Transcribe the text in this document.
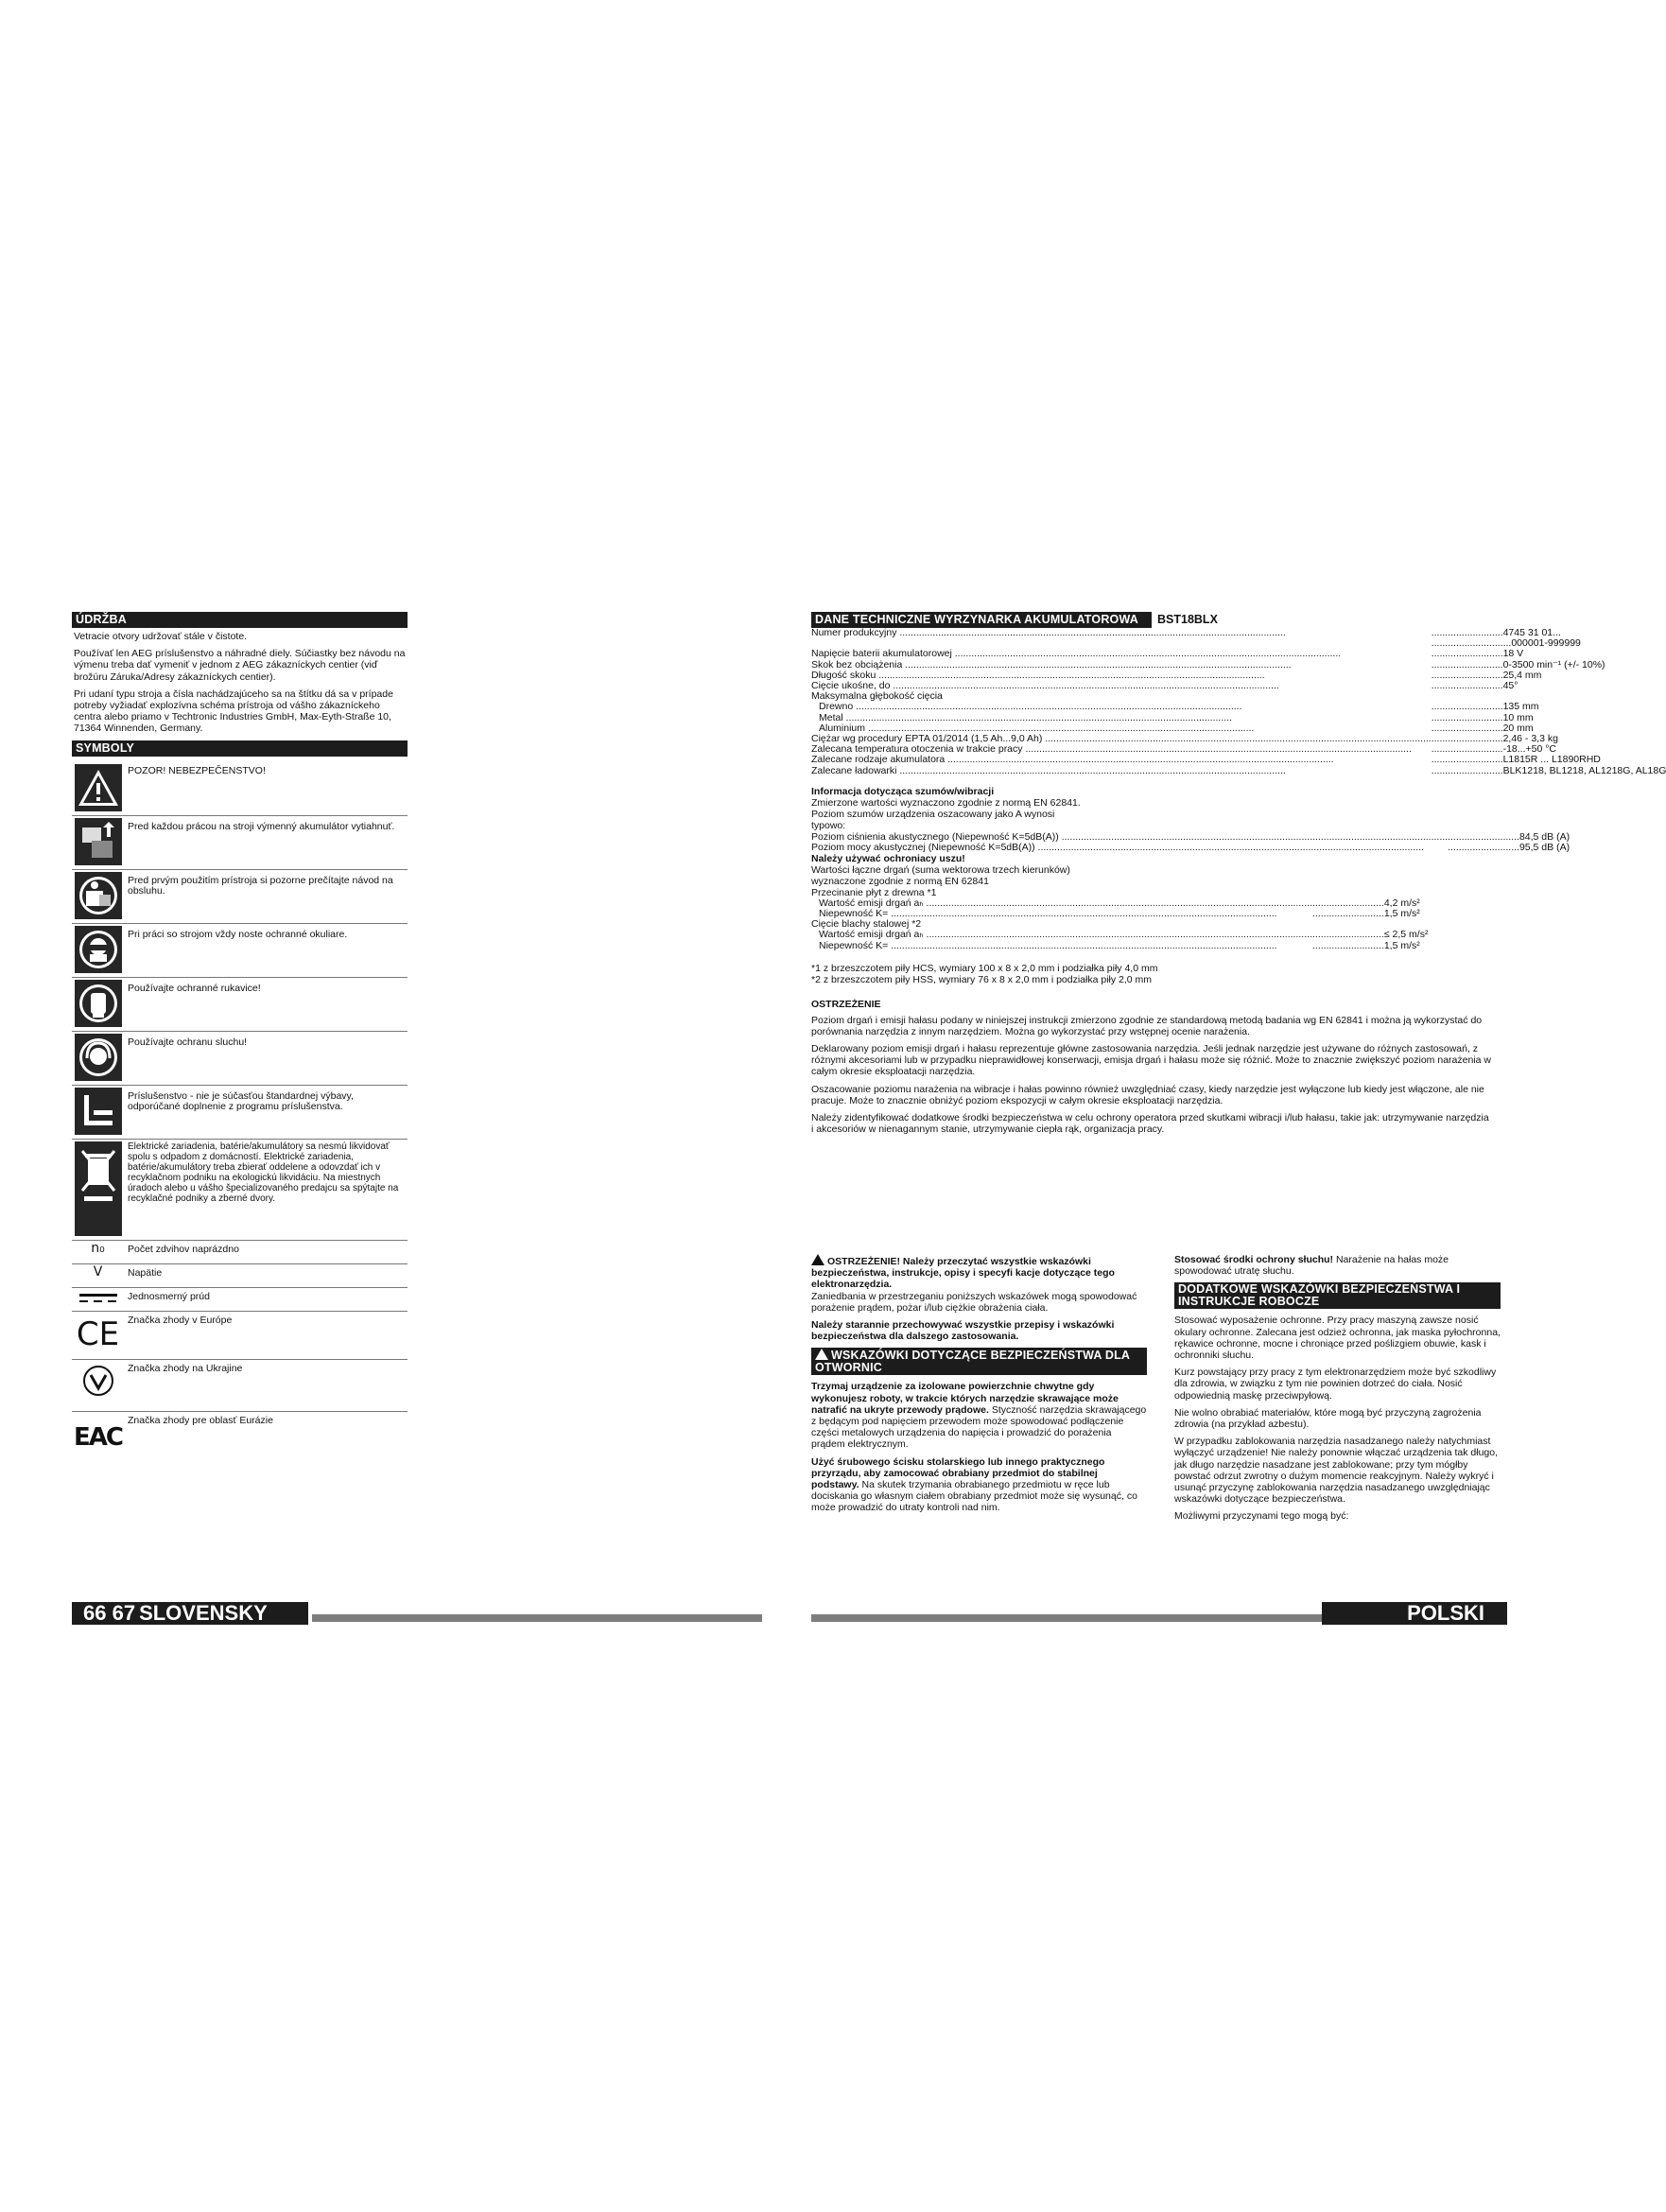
ÚDRŽBA

Vetracie otvory udržovať stále v čistote.

Používať len AEG príslušenstvo a náhradné diely. Súčiastky bez návodu na výmenu treba dať vymeniť v jednom z AEG zákazníckych centier (viď brožúru Záruka/Adresy zákazníckych centier).

Pri udaní typu stroja a čísla nachádzajúceho sa na štítku dá sa v prípade potreby vyžiadať explozívna schéma prístroja od vášho zákazníckeho centra alebo priamo v Techtronic Industries GmbH, Max-Eyth-Straße 10, 71364 Winnenden, Germany.

SYMBOLY
POZOR! NEBEZPEČENSTVO!
Pred každou prácou na stroji výmenný akumulátor vytiahnuť.
Pred prvým použitím prístroja si pozorne prečítajte návod na obsluhu.
Pri práci so strojom vždy noste ochranné okuliare.
Používajte ochranné rukavice!
Používajte ochranu sluchu!
Príslušenstvo - nie je súčasťou štandardnej výbavy, odporúčané doplnenie z programu príslušenstva.
Elektrické zariadenia, batérie/akumulátory sa nesmú likvidovať spolu s odpadom z domácností. Elektrické zariadenia, batérie/akumulátory treba zbierať oddelene a odovzdať ich v recyklačnom podniku na ekologickú likvidáciu. Na miestnych úradoch alebo u vášho špecializovaného predajcu sa spýtajte na recyklačné podniky a zberné dvory.
n₀	Počet zdvihov naprázdno
V	Napätie
Jednosmerný prúd
CE Značka zhody v Európe
Značka zhody na Ukrajine
EAC
Značka zhody pre oblasť Eurázie
66 67 SLOVENSKY
DANE TECHNICZNE WYRZYNARKA AKUMULATOROWA	BST18BLX
Numer produkcyjny ............................................................................................................................................	..........................4745 31 01...
	.............................000001-999999
Napięcie baterii akumulatorowej ............................................................................................................................................	..........................18 V
Skok bez obciążenia ............................................................................................................................................	..........................0-3500 min⁻¹ (+/- 10%)
Długość skoku ............................................................................................................................................	..........................25,4 mm
Cięcie ukośne, do ............................................................................................................................................	..........................45°
Maksymalna głębokość cięcia	
Drewno ............................................................................................................................................	..........................135 mm
Metal ............................................................................................................................................	..........................10 mm
Aluminium ............................................................................................................................................	..........................20 mm
Ciężar wg procedury EPTA 01/2014 (1,5 Ah...9,0 Ah) ............................................................................................................................................	..........................2,46 - 3,3 kg
Zalecana temperatura otoczenia w trakcie pracy ............................................................................................................................................	..........................-18...+50 °C
Zalecane rodzaje akumulatora ............................................................................................................................................	..........................L1815R ... L1890RHD
Zalecane ładowarki ............................................................................................................................................	..........................BLK1218, BL1218, AL1218G, AL18G
Informacja dotycząca szumów/wibracji
Zmierzone wartości wyznaczono zgodnie z normą EN 62841.
Poziom szumów urządzenia oszacowany jako A wynosi
typowo:
Poziom ciśnienia akustycznego (Niepewność K=5dB(A)) ............................................................................................................................................	..........................84,5 dB (A)
Poziom mocy akustycznej (Niepewność K=5dB(A)) ............................................................................................................................................	..........................95,5 dB (A)
Należy używać ochroniacy uszu!
Wartości łączne drgań (suma wektorowa trzech kierunków)
wyznaczone zgodnie z normą EN 62841
Przecinanie płyt z drewna *1	
Wartość emisji drgań aₕ ............................................................................................................................................	..........................4,2 m/s²
Niepewność K= ............................................................................................................................................	..........................1,5 m/s²
Cięcie blachy stalowej *2	
Wartość emisji drgań aₕ ............................................................................................................................................	..........................≤ 2,5 m/s²
Niepewność K= ............................................................................................................................................	..........................1,5 m/s²
*1 z brzeszczotem piły HCS, wymiary 100 x 8 x 2,0 mm i podziałka piły 4,0 mm
*2 z brzeszczotem piły HSS, wymiary 76 x 8 x 2,0 mm i podziałka piły 2,0 mm
OSTRZEŻENIE

Poziom drgań i emisji hałasu podany w niniejszej instrukcji zmierzono zgodnie ze standardową metodą badania wg EN 62841 i można ją wykorzystać do porównania narzędzia z innym narzędziem. Można go wykorzystać przy wstępnej ocenie narażenia.

Deklarowany poziom emisji drgań i hałasu reprezentuje główne zastosowania narzędzia. Jeśli jednak narzędzie jest używane do różnych zastosowań, z różnymi akcesoriami lub w przypadku nieprawidłowej konserwacji, emisja drgań i hałasu może się różnić. Może to znacznie zwiększyć poziom narażenia w całym okresie eksploatacji narzędzia.

Oszacowanie poziomu narażenia na wibracje i hałas powinno również uwzględniać czasy, kiedy narzędzie jest wyłączone lub kiedy jest włączone, ale nie pracuje. Może to znacznie obniżyć poziom ekspozycji w całym okresie eksploatacji narzędzia.

Należy zidentyfikować dodatkowe środki bezpieczeństwa w celu ochrony operatora przed skutkami wibracji i/lub hałasu, takie jak: utrzymywanie narzędzia i akcesoriów w nienagannym stanie, utrzymywanie ciepła rąk, organizacja pracy.

OSTRZEŻENIE! Należy przeczytać wszystkie wskazówki bezpieczeństwa, instrukcje, opisy i specyfi kacje dotyczące tego elektronarzędzia.
Zaniedbania w przestrzeganiu poniższych wskazówek mogą spowodować porażenie prądem, pożar i/lub ciężkie obrażenia ciała.

Należy starannie przechowywać wszystkie przepisy i wskazówki bezpieczeństwa dla dalszego zastosowania.

WSKAZÓWKI DOTYCZĄCE BEZPIECZEŃSTWA DLA OTWORNIC

Trzymaj urządzenie za izolowane powierzchnie chwytne gdy wykonujesz roboty, w trakcie których narzędzie skrawające może natrafić na ukryte przewody prądowe. Styczność narzędzia skrawającego z będącym pod napięciem przewodem może spowodować podłączenie części metalowych urządzenia do napięcia i prowadzić do porażenia prądem elektrycznym.

Użyć śrubowego ścisku stolarskiego lub innego praktycznego przyrządu, aby zamocować obrabiany przedmiot do stabilnej podstawy. Na skutek trzymania obrabianego przedmiotu w ręce lub dociskania go własnym ciałem obrabiany przedmiot może się wysunąć, co może prowadzić do utraty kontroli nad nim.

Stosować środki ochrony słuchu! Narażenie na hałas może spowodować utratę słuchu.

DODATKOWE WSKAZÓWKI BEZPIECZEŃSTWA I INSTRUKCJE ROBOCZE

Stosować wyposażenie ochronne. Przy pracy maszyną zawsze nosić okulary ochronne. Zalecana jest odzież ochronna, jak maska pyłochronna, rękawice ochronne, mocne i chroniące przed poślizgiem obuwie, kask i ochronniki słuchu.

Kurz powstający przy pracy z tym elektronarzędziem może być szkodliwy dla zdrowia, w związku z tym nie powinien dotrzeć do ciała. Nosić odpowiednią maskę przeciwpyłową.

Nie wolno obrabiać materiałów, które mogą być przyczyną zagrożenia zdrowia (na przykład azbestu).

W przypadku zablokowania narzędzia nasadzanego należy natychmiast wyłączyć urządzenie! Nie należy ponownie włączać urządzenia tak długo, jak długo narzędzie nasadzane jest zablokowane; przy tym mógłby powstać odrzut zwrotny o dużym momencie reakcyjnym. Należy wykryć i usunąć przyczynę zablokowania narzędzia nasadzanego uwzględniając wskazówki dotyczące bezpieczeństwa.

Możliwymi przyczynami tego mogą być:

POLSKI
